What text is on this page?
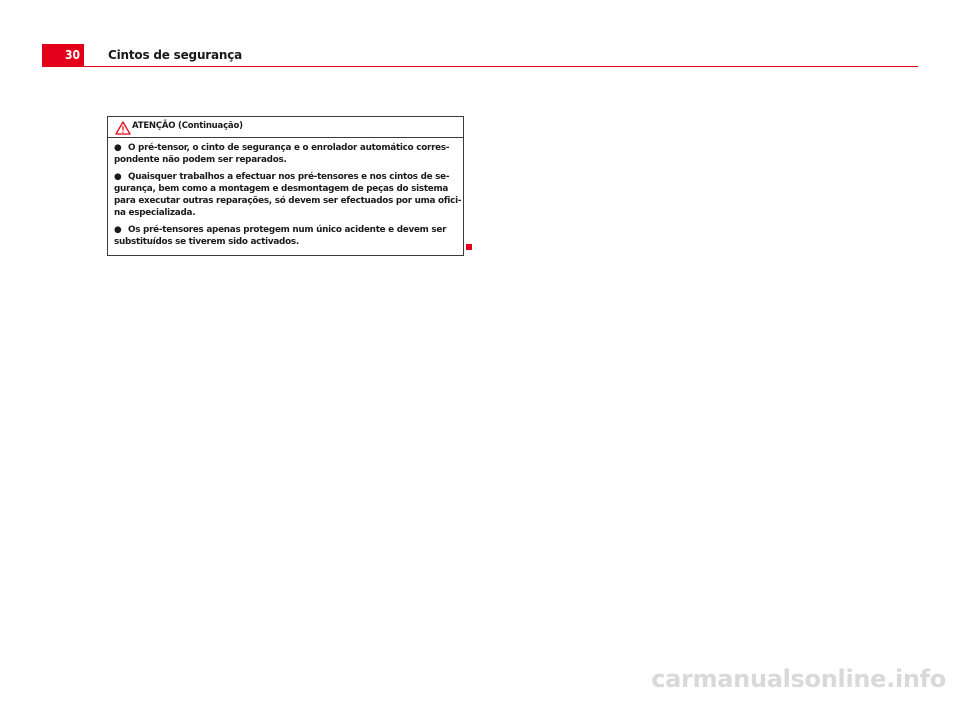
30	Cintos de segurança
ATENÇÃO (Continuação)
● O pré-tensor, o cinto de segurança e o enrolador automático corres-
pondente não podem ser reparados.
● Quaisquer trabalhos a efectuar nos pré-tensores e nos cintos de se-
gurança, bem como a montagem e desmontagem de peças do sistema
para executar outras reparações, só devem ser efectuados por uma ofici-
na especializada.
● Os pré-tensores apenas protegem num único acidente e devem ser
substituídos se tiverem sido activados.
carmanualsonline.info
